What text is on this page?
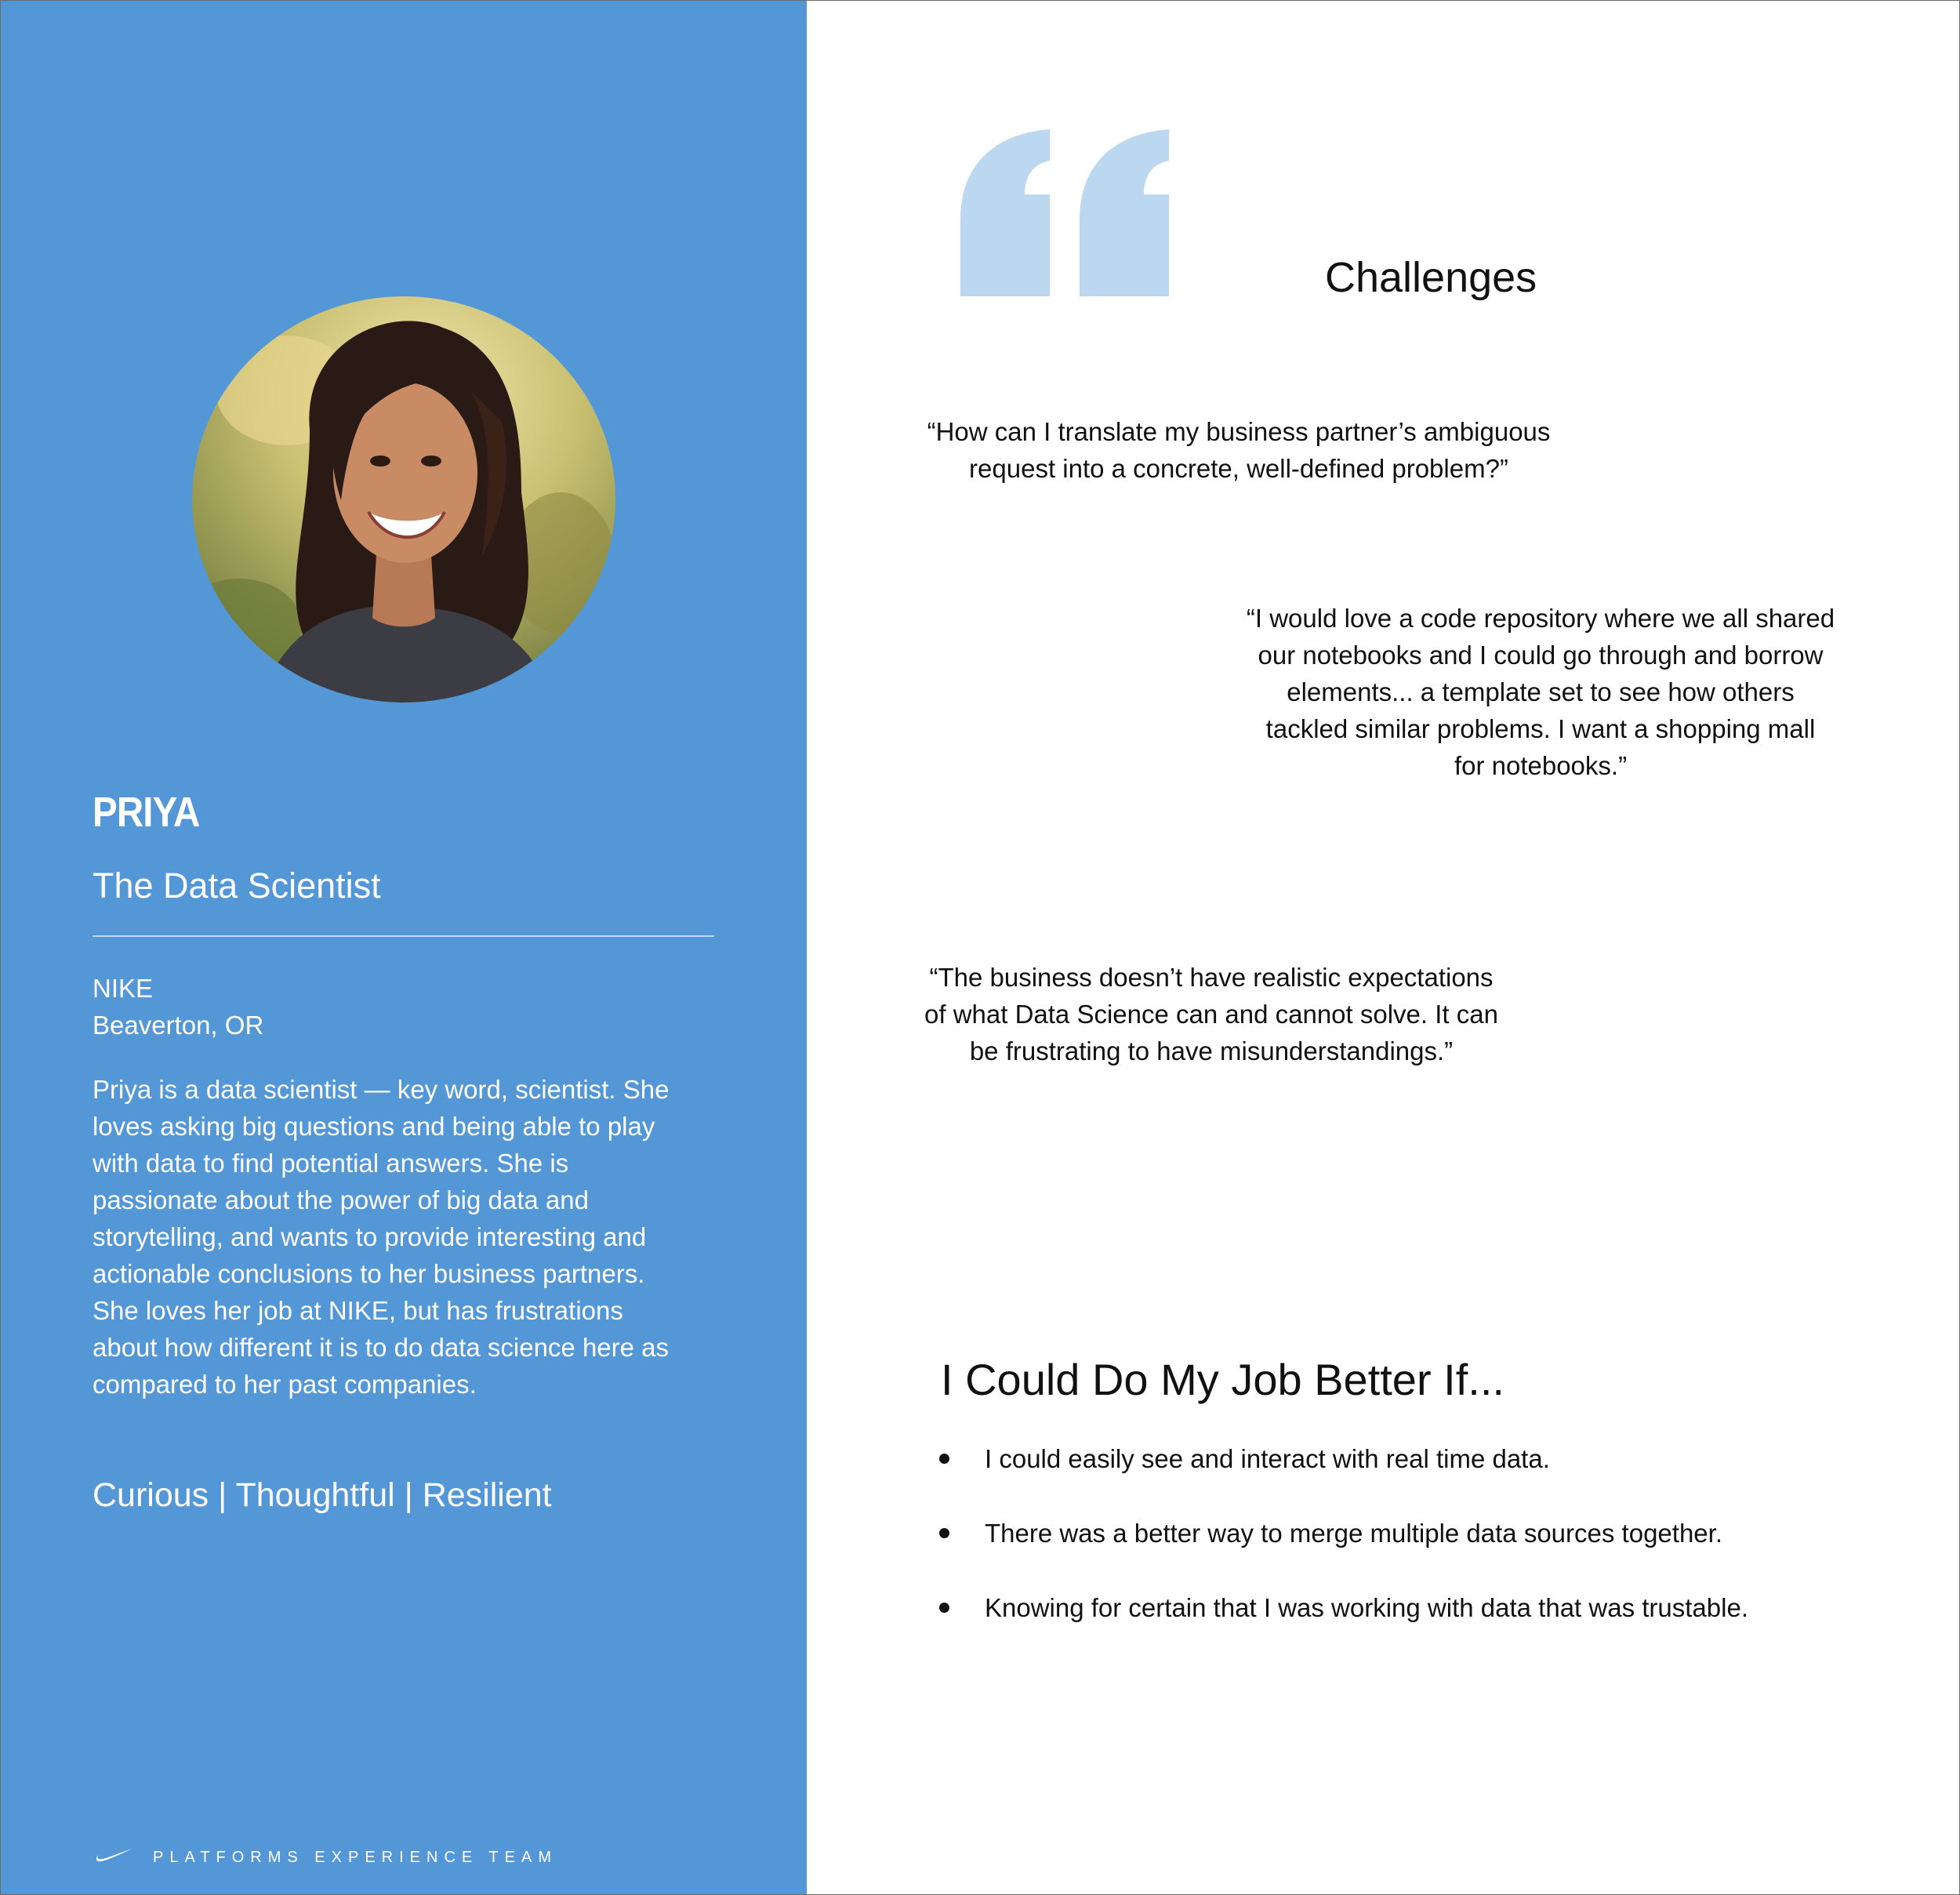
PRIYA
The Data Scientist
NIKE
Beaverton, OR
Priya is a data scientist — key word, scientist. She
loves asking big questions and being able to play
with data to find potential answers. She is
passionate about the power of big data and
storytelling, and wants to provide interesting and
actionable conclusions to her business partners.
She loves her job at NIKE, but has frustrations
about how different it is to do data science here as
compared to her past companies.
Curious | Thoughtful | Resilient
PLATFORMS EXPERIENCE TEAM
Challenges
“How can I translate my business partner’s ambiguous
request into a concrete, well-defined problem?”
“I would love a code repository where we all shared
our notebooks and I could go through and borrow
elements... a template set to see how others
tackled similar problems. I want a shopping mall
for notebooks.”
“The business doesn’t have realistic expectations
of what Data Science can and cannot solve. It can
be frustrating to have misunderstandings.”
I Could Do My Job Better If...
I could easily see and interact with real time data.
There was a better way to merge multiple data sources together.
Knowing for certain that I was working with data that was trustable.
